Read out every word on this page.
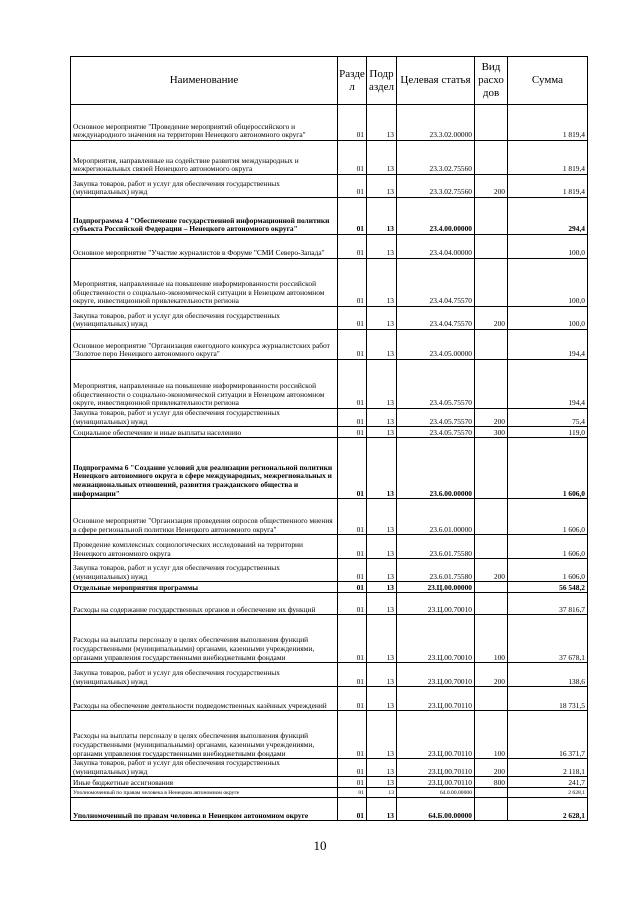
Наименование	Разде л	Подр аздел	Целевая статья	Вид расхо дов	Сумма
Основное мероприятие "Проведение мероприятий общероссийского и международного значения на территории Ненецкого автономного округа"	01	13	23.3.02.00000		1 819,4
Мероприятия, направленные на содействие развития международных и межрегиональных связей Ненецкого автономного округа	01	13	23.3.02.75560		1 819,4
Закупка товаров, работ и услуг для обеспечения государственных (муниципальных) нужд	01	13	23.3.02.75560	200	1 819,4
Подпрограмма 4 "Обеспечение государственной информационной политики субъекта Российской Федерации – Ненецкого автономного округа"	01	13	23.4.00.00000		294,4
Основное мероприятие "Участие журналистов в Форуме "СМИ Северо-Запада"	01	13	23.4.04.00000		100,0
Мероприятия, направленные на повышение информированности российской общественности о социально-экономической ситуации в Ненецком автономном округе, инвестиционной привлекательности региона	01	13	23.4.04.75570		100,0
Закупка товаров, работ и услуг для обеспечения государственных (муниципальных) нужд	01	13	23.4.04.75570	200	100,0
Основное мероприятие "Организация ежегодного конкурса журналистских работ "Золотое перо Ненецкого автономного округа"	01	13	23.4.05.00000		194,4
Мероприятия, направленные на повышение информированности российской общественности о социально-экономической ситуации в Ненецком автономном округе, инвестиционной привлекательности региона	01	13	23.4.05.75570		194,4
Закупка товаров, работ и услуг для обеспечения государственных (муниципальных) нужд	01	13	23.4.05.75570	200	75,4
Социальное обеспечение и иные выплаты населению	01	13	23.4.05.75570	300	119,0
Подпрограмма 6 "Создание условий для реализации региональной политики Ненецкого автономного округа в сфере международных, межрегиональных и межнациональных отношений, развития гражданского общества и информации"	01	13	23.6.00.00000		1 606,0
Основное мероприятие "Организация проведения опросов общественного мнения в сфере региональной политики Ненецкого автономного округа"	01	13	23.6.01.00000		1 606,0
Проведение комплексных социологических исследований на территории Ненецкого автономного округа	01	13	23.6.01.75580		1 606,0
Закупка товаров, работ и услуг для обеспечения государственных (муниципальных) нужд	01	13	23.6.01.75580	200	1 606,0
Отдельные мероприятия программы	01	13	23.Ц.00.00000		56 548,2
Расходы на содержание государственных органов и обеспечение их функций	01	13	23.Ц.00.70010		37 816,7
Расходы на выплаты персоналу в целях обеспечения выполнения функций государственными (муниципальными) органами, казенными учреждениями, органами управления государственными внебюджетными фондами	01	13	23.Ц.00.70010	100	37 678,1
Закупка товаров, работ и услуг для обеспечения государственных (муниципальных) нужд	01	13	23.Ц.00.70010	200	138,6
Расходы на обеспечение деятельности подведомственных казённых учреждений	01	13	23.Ц.00.70110		18 731,5
Расходы на выплаты персоналу в целях обеспечения выполнения функций государственными (муниципальными) органами, казенными учреждениями, органами управления государственными внебюджетными фондами	01	13	23.Ц.00.70110	100	16 371,7
Закупка товаров, работ и услуг для обеспечения государственных (муниципальных) нужд	01	13	23.Ц.00.70110	200	2 118,1
Иные бюджетные ассигнования	01	13	23.Ц.00.70110	800	241,7
Уполномоченный по правам человека в Ненецком автономном округе	01	13	64.0.00.00000		2 628,1
Уполномоченный по правам человека в Ненецком автономном округе	01	13	64.Б.00.00000		2 628,1
10
